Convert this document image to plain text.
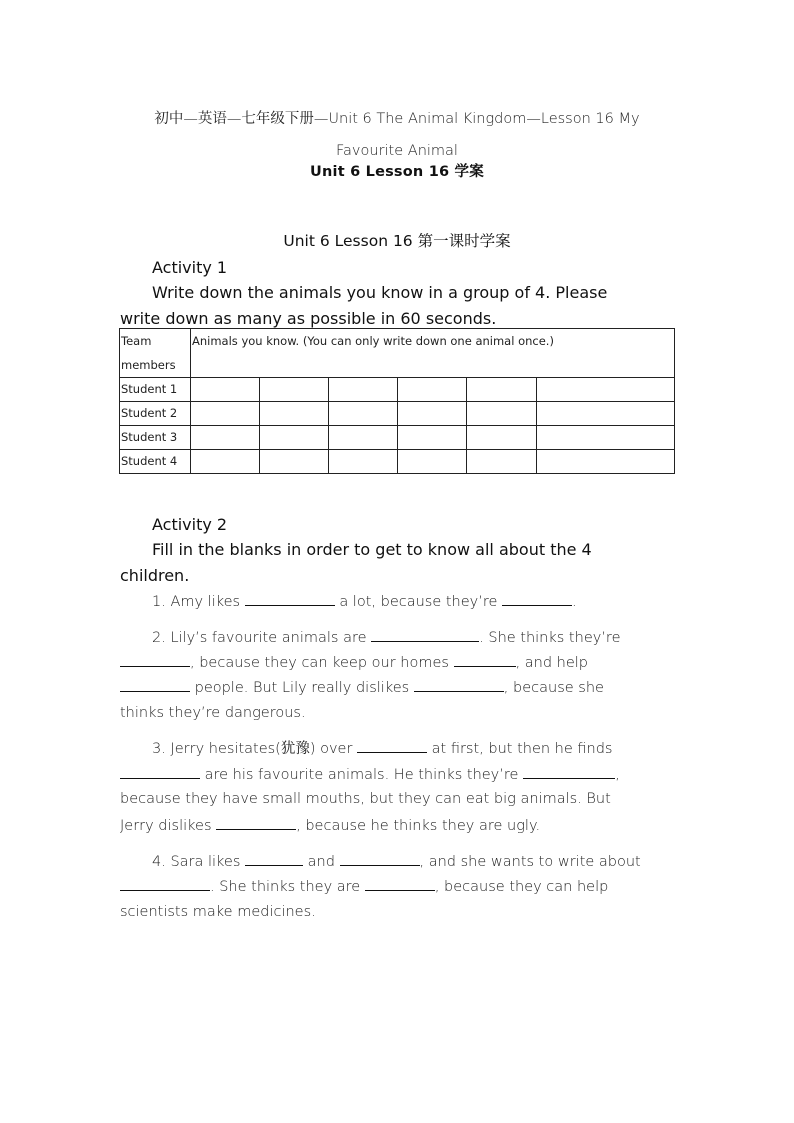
初中—英语—七年级下册—Unit 6 The Animal Kingdom—Lesson 16 My
Favourite Animal
Unit 6 Lesson 16 学案
Unit 6 Lesson 16 第一课时学案
Activity 1
Write down the animals you know in a group of 4. Please
write down as many as possible in 60 seconds.
Team
members	Animals you know. (You can only write down one animal once.)					
Student 1						
Student 2						
Student 3						
Student 4						
Activity 2
Fill in the blanks in order to get to know all about the 4
children.
1. Amy likes	a lot, because they’re	.
2. Lily’s favourite animals are	. She thinks they’re
, because they can keep our homes	, and help
people. But Lily really dislikes	, because she
thinks they’re dangerous.
3. Jerry hesitates(犹豫) over	at first, but then he finds
are his favourite animals. He thinks they’re	,
because they have small mouths, but they can eat big animals. But
Jerry dislikes	, because he thinks they are ugly.
4. Sara likes	and	, and she wants to write about
. She thinks they are	, because they can help
scientists make medicines.
